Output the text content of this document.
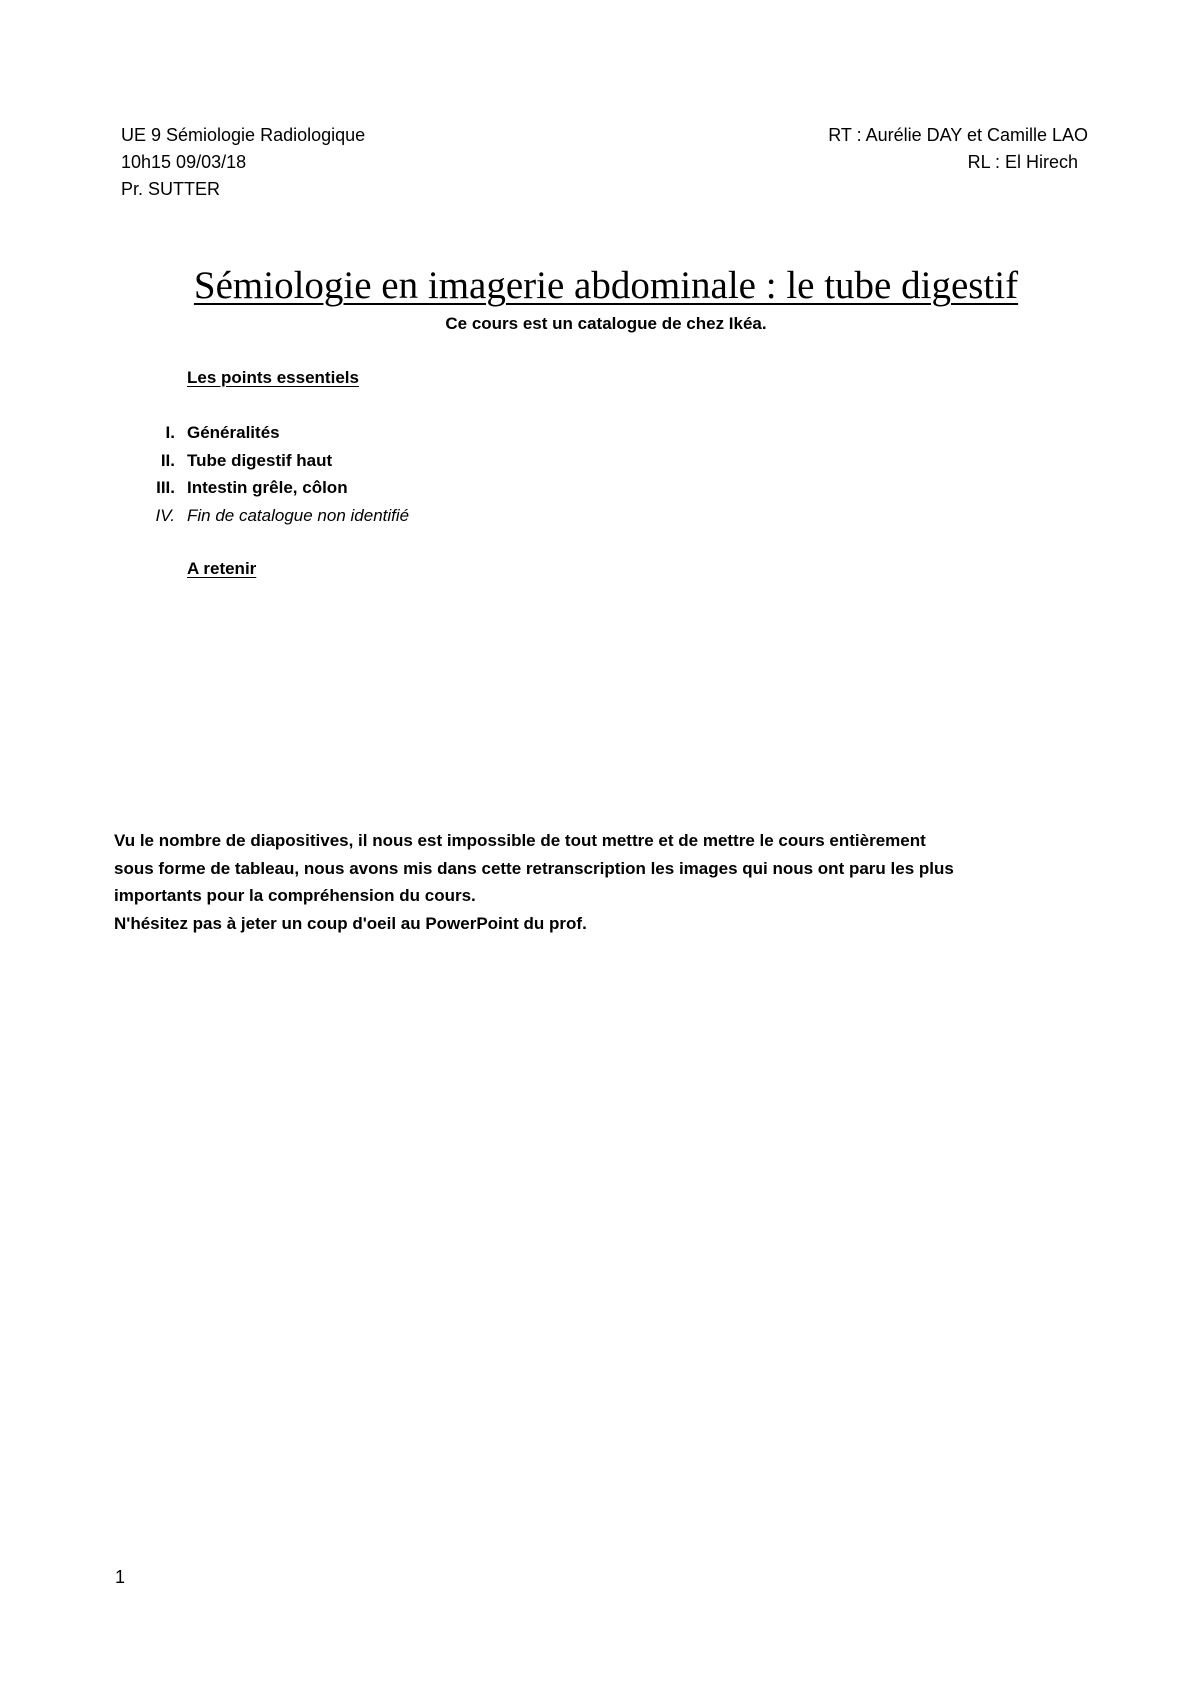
UE 9 Sémiologie Radiologique
10h15 09/03/18
Pr. SUTTER
RT : Aurélie DAY et Camille LAO
RL : El Hirech
Sémiologie en imagerie abdominale : le tube digestif
Ce cours est un catalogue de chez Ikéa.
Les points essentiels
I. Généralités
II. Tube digestif haut
III. Intestin grêle, côlon
IV. Fin de catalogue non identifié
A retenir
Vu le nombre de diapositives, il nous est impossible de tout mettre et de mettre le cours entièrement
sous forme de tableau, nous avons mis dans cette retranscription les images qui nous ont paru les plus
importants pour la compréhension du cours.
N'hésitez pas à jeter un coup d'oeil au PowerPoint du prof.
1
